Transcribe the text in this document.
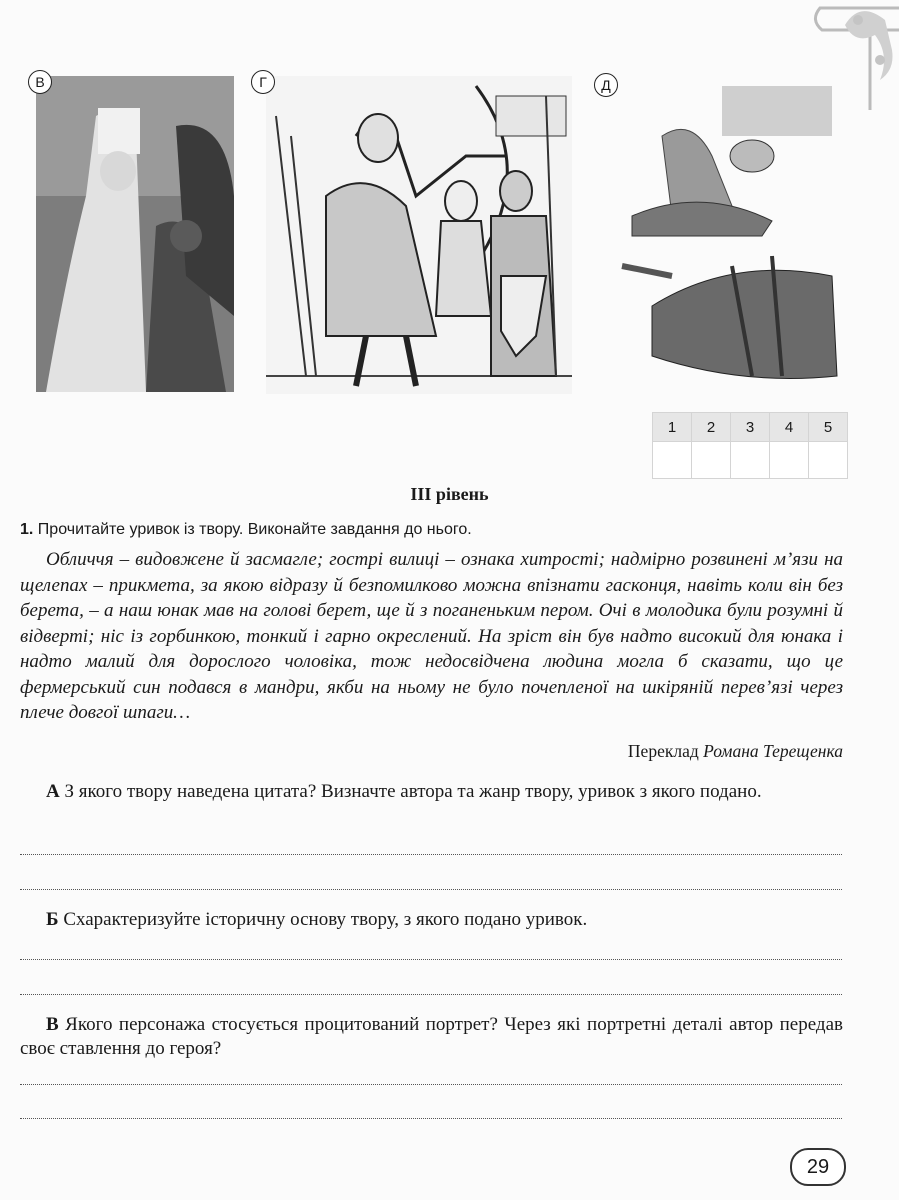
В	Г	Д
1	2	3	4	5

ІІІ рівень
1. Прочитайте уривок із твору. Виконайте завдання до нього.

Обличчя – видовжене й засмагле; гострі вилиці – ознака хитрості; надмірно розвинені м’язи на щелепах – прикмета, за якою відразу й безпомилково можна впізнати гасконця, навіть коли він без берета, – а наш юнак мав на голові берет, ще й з поганеньким пером. Очі в молодика були розумні й відверті; ніс із горбинкою, тонкий і гарно окреслений. На зріст він був надто високий для юнака і надто малий для дорослого чоловіка, тож недосвідчена людина могла б сказати, що це фермерський син подався в мандри, якби на ньому не було почепленої на шкіряній перев’язі через плече довгої шпаги…

Переклад Романа Терещенка

А З якого твору наведена цитата? Визначте автора та жанр твору, уривок з якого подано.

Б Схарактеризуйте історичну основу твору, з якого подано уривок.

В Якого персонажа стосується процитований портрет? Через які портретні деталі автор передав своє ставлення до героя?

29
